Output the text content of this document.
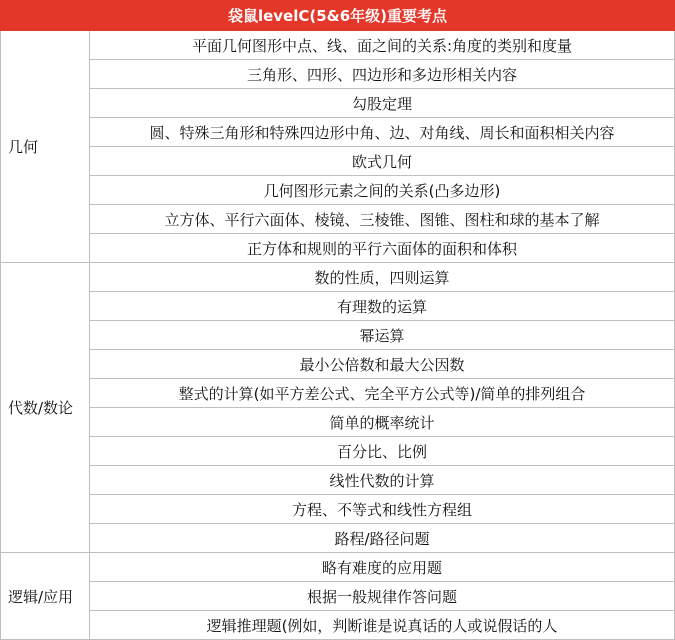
袋鼠levelC(5&6年级)重要考点	
几何	平面几何图形中点、线、面之间的关系:角度的类别和度量
	三角形、四形、四边形和多边形相关内容
	勾股定理
	圆、特殊三角形和特殊四边形中角、边、对角线、周长和面积相关内容
	欧式几何
	几何图形元素之间的关系(凸多边形)
	立方体、平行六面体、棱镜、三棱锥、图锥、图柱和球的基本了解
	正方体和规则的平行六面体的面积和体积
代数/数论	数的性质，四则运算
	有理数的运算
	幂运算
	最小公倍数和最大公因数
	整式的计算(如平方差公式、完全平方公式等)/简单的排列组合
	简单的概率统计
	百分比、比例
	线性代数的计算
	方程、不等式和线性方程组
	路程/路径问题
逻辑/应用	略有难度的应用题
	根据一般规律作答问题
	逻辑推理题(例如，判断谁是说真话的人或说假话的人
